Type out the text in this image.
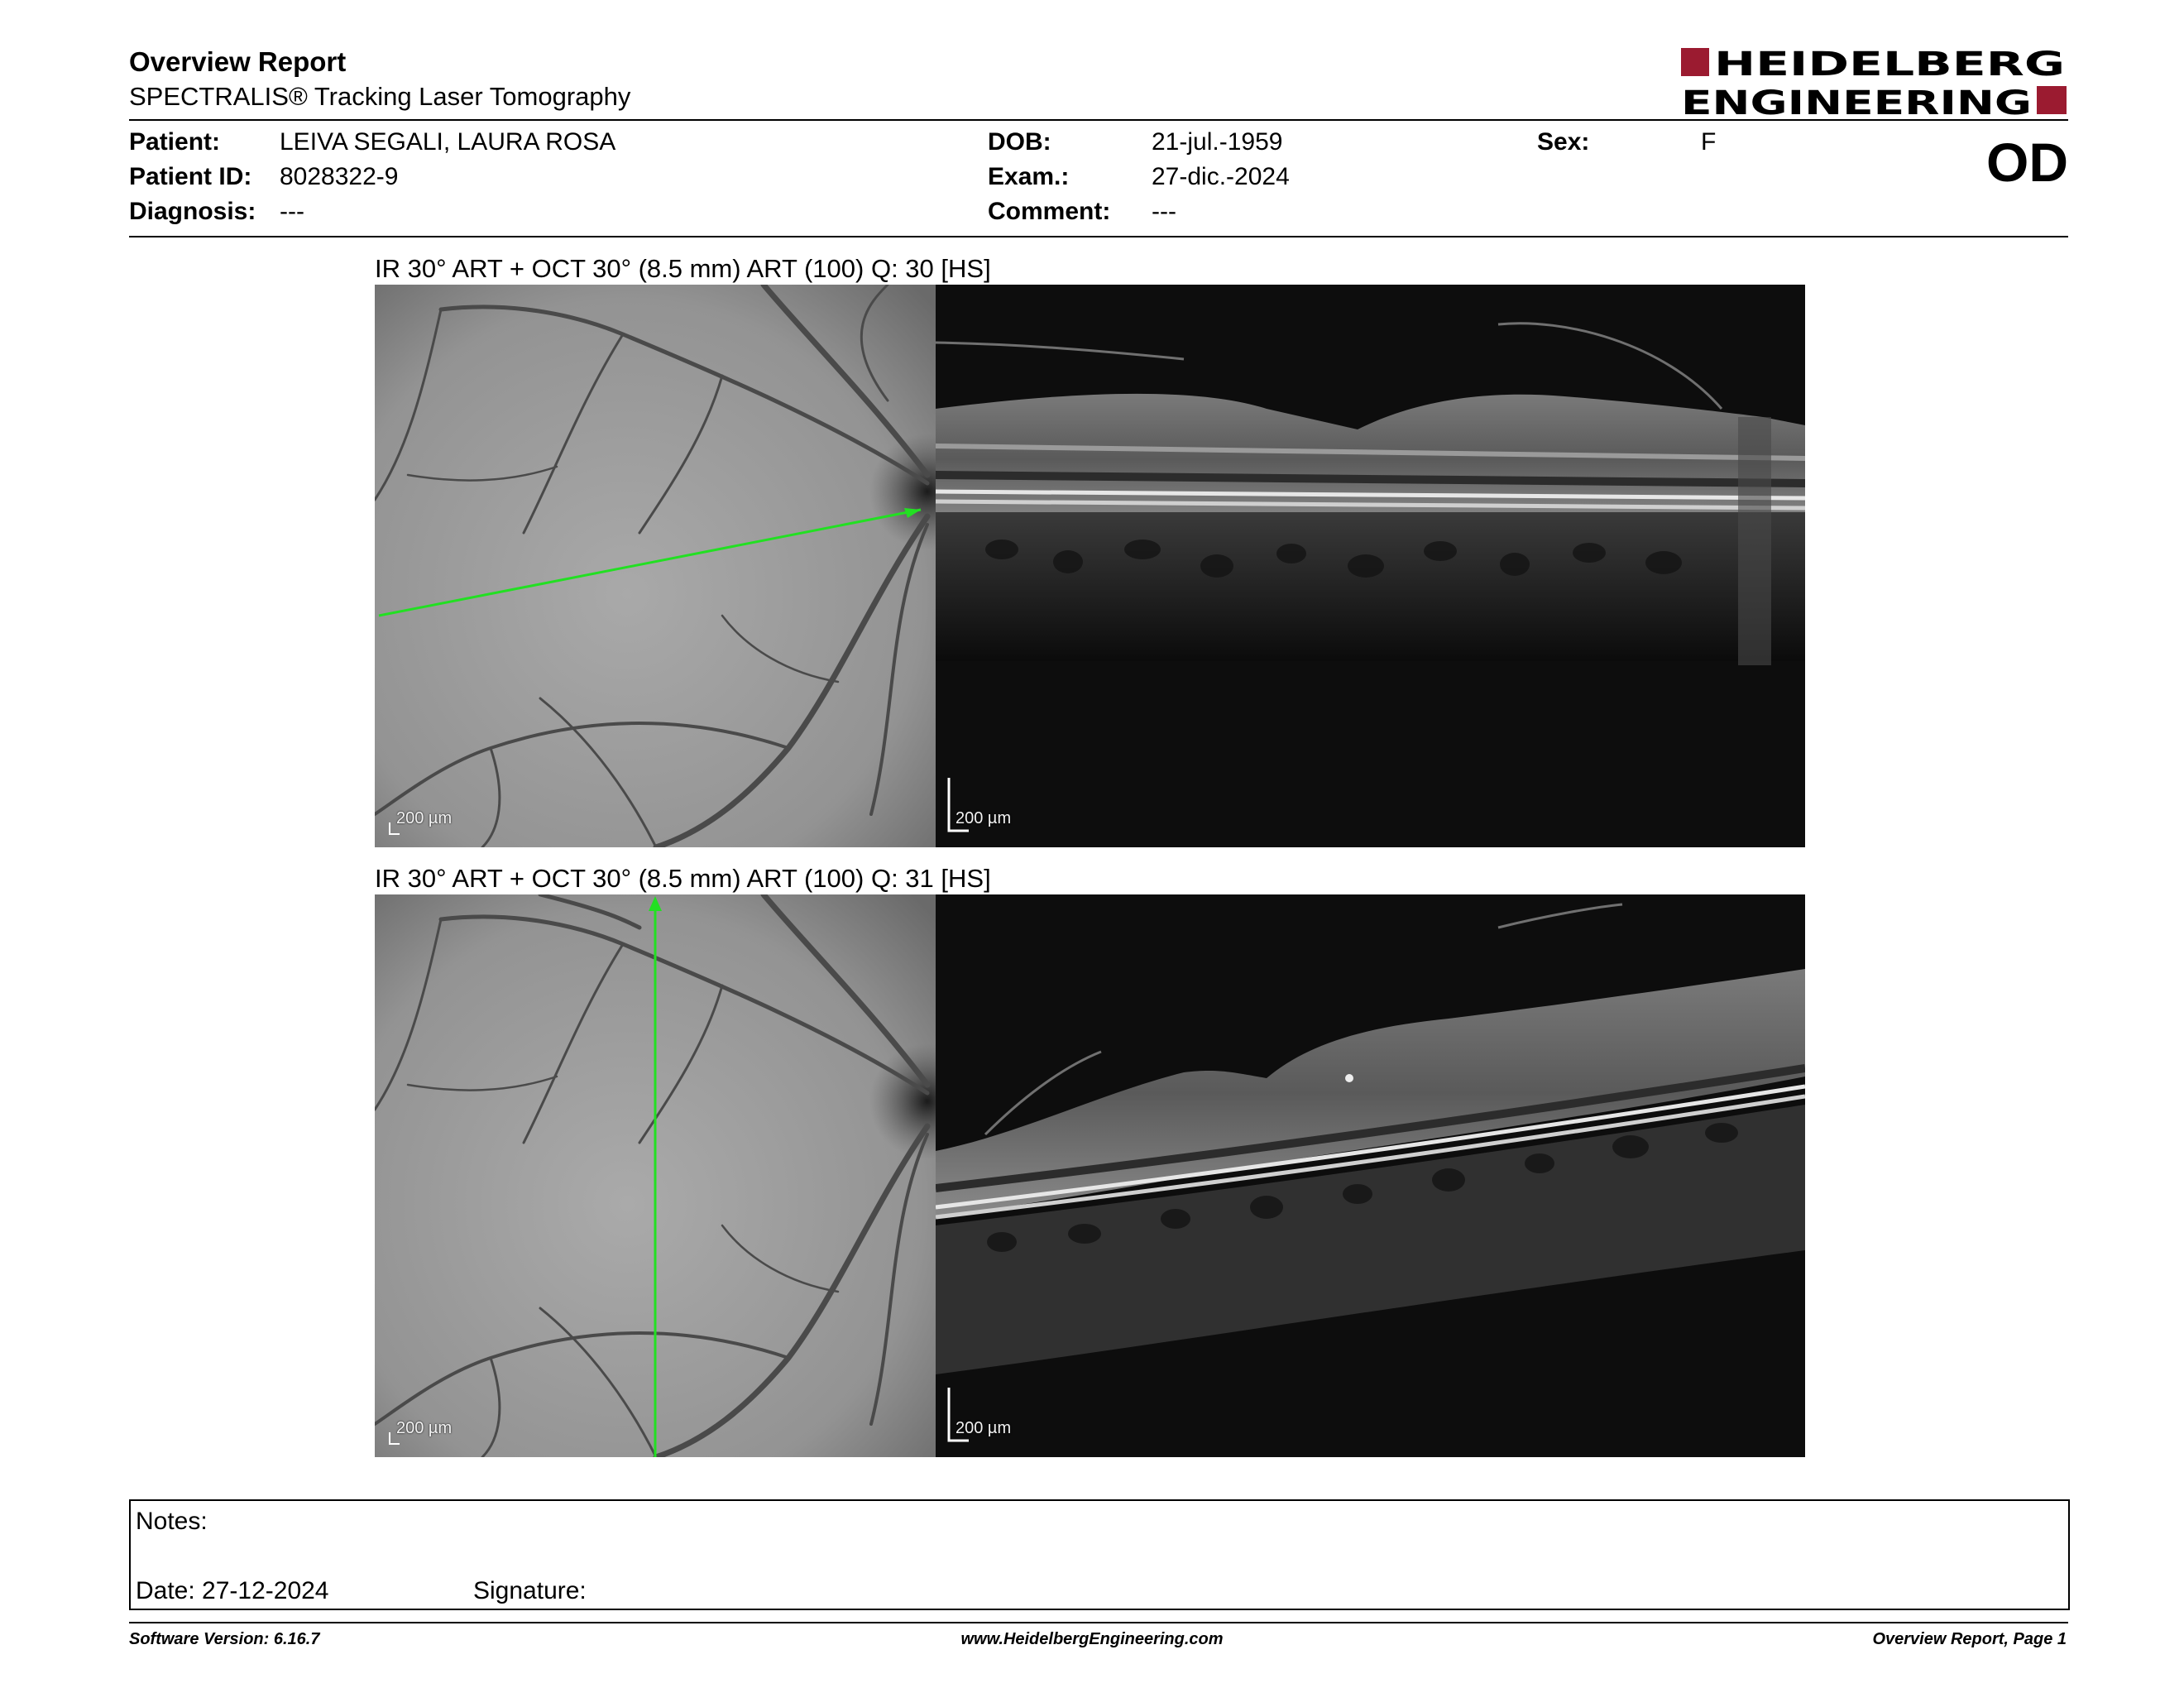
Overview Report
SPECTRALIS® Tracking Laser Tomography
HEIDELBERG
ENGINEERING
Patient: LEIVA SEGALI, LAURA ROSA
Patient ID: 8028322-9
Diagnosis: ---
DOB:	21-jul.-1959
Exam.:	27-dic.-2024
Comment: ---
Sex:	F	OD
IR 30° ART + OCT 30° (8.5 mm) ART (100) Q: 30 [HS]
200 µm	200 µm
IR 30° ART + OCT 30° (8.5 mm) ART (100) Q: 31 [HS]
200 µm	200 µm
Notes:
Date: 27-12-2024	Signature:
Software Version: 6.16.7	www.HeidelbergEngineering.com	Overview Report, Page 1
